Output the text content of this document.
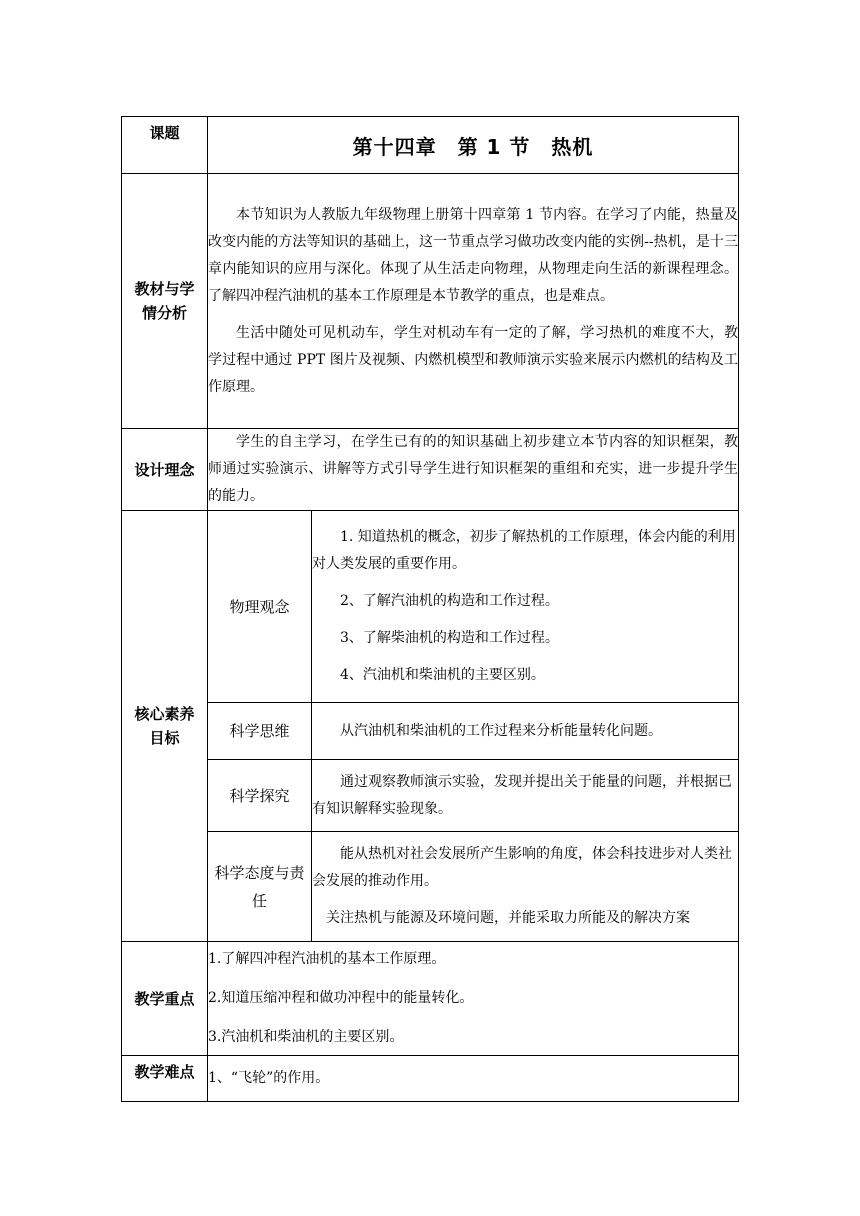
课题	第十四章　第 1 节　热机	

教材与学情分析	本节知识为人教版九年级物理上册第十四章第 1 节内容。在学习了内能，热量及改变内能的方法等知识的基础上，这一节重点学习做功改变内能的实例--热机，是十三章内能知识的应用与深化。体现了从生活走向物理，从物理走向生活的新课程理念。了解四冲程汽油机的基本工作原理是本节教学的重点，也是难点。

生活中随处可见机动车，学生对机动车有一定的了解，学习热机的难度不大，教学过程中通过 PPT 图片及视频、内燃机模型和教师演示实验来展示内燃机的结构及工作原理。	

设计理念	学生的自主学习，在学生已有的的知识基础上初步建立本节内容的知识框架，教师通过实验演示、讲解等方式引导学生进行知识框架的重组和充实，进一步提升学生的能力。	

核心素养目标	物理观念	1. 知道热机的概念，初步了解热机的工作原理，体会内能的利用对人类发展的重要作用。

2、了解汽油机的构造和工作过程。

3、了解柴油机的构造和工作过程。

4、汽油机和柴油机的主要区别。

	科学思维	从汽油机和柴油机的工作过程来分析能量转化问题。

	科学探究	通过观察教师演示实验，发现并提出关于能量的问题，并根据已有知识解释实验现象。

	科学态度与责任	能从热机对社会发展所产生影响的角度，体会科技进步对人类社会发展的推动作用。

关注热机与能源及环境问题，并能采取力所能及的解决方案

教学重点	1.了解四冲程汽油机的基本工作原理。

2.知道压缩冲程和做功冲程中的能量转化。

3.汽油机和柴油机的主要区别。	

教学难点	1、“飞轮”的作用。	
